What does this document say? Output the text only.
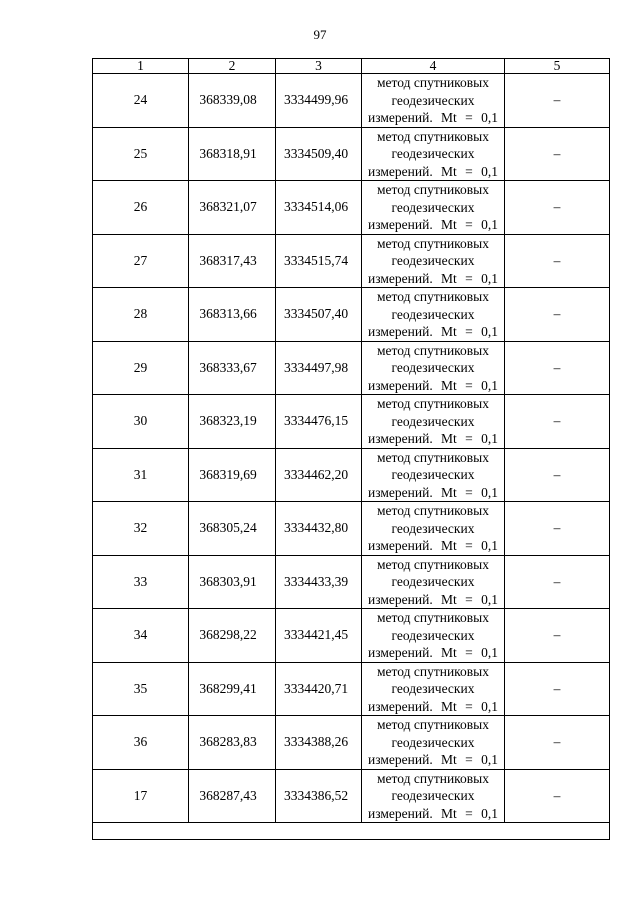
97
1	2	3	4	5
24	368339,08	3334499,96	метод спутниковых
геодезических
измерений. Mt = 0,1	–
25	368318,91	3334509,40	метод спутниковых
геодезических
измерений. Mt = 0,1	–
26	368321,07	3334514,06	метод спутниковых
геодезических
измерений. Mt = 0,1	–
27	368317,43	3334515,74	метод спутниковых
геодезических
измерений. Mt = 0,1	–
28	368313,66	3334507,40	метод спутниковых
геодезических
измерений. Mt = 0,1	–
29	368333,67	3334497,98	метод спутниковых
геодезических
измерений. Mt = 0,1	–
30	368323,19	3334476,15	метод спутниковых
геодезических
измерений. Mt = 0,1	–
31	368319,69	3334462,20	метод спутниковых
геодезических
измерений. Mt = 0,1	–
32	368305,24	3334432,80	метод спутниковых
геодезических
измерений. Mt = 0,1	–
33	368303,91	3334433,39	метод спутниковых
геодезических
измерений. Mt = 0,1	–
34	368298,22	3334421,45	метод спутниковых
геодезических
измерений. Mt = 0,1	–
35	368299,41	3334420,71	метод спутниковых
геодезических
измерений. Mt = 0,1	–
36	368283,83	3334388,26	метод спутниковых
геодезических
измерений. Mt = 0,1	–
17	368287,43	3334386,52	метод спутниковых
геодезических
измерений. Mt = 0,1	–
